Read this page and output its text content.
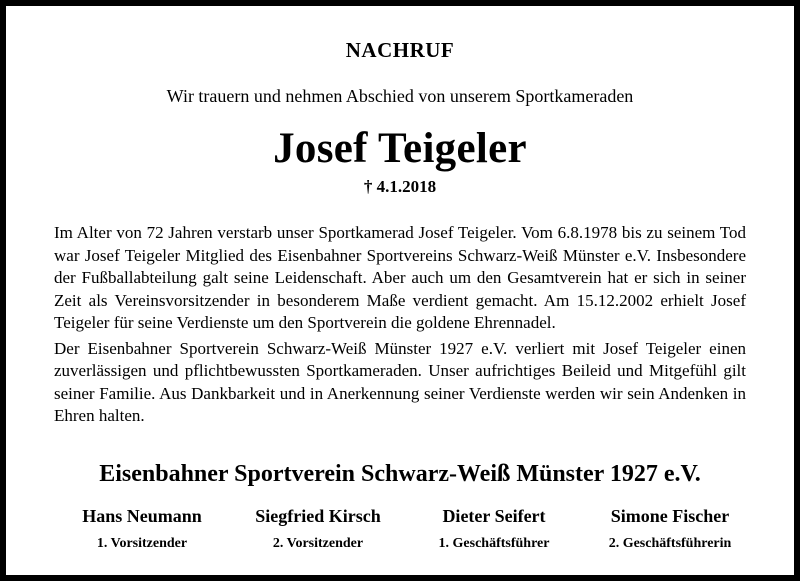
NACHRUF
Wir trauern und nehmen Abschied von unserem Sportkameraden
Josef Teigeler
† 4.1.2018

Im Alter von 72 Jahren verstarb unser Sportkamerad Josef Teigeler. Vom 6.8.1978 bis zu seinem Tod war Josef Teigeler Mitglied des Eisenbahner Sportvereins Schwarz-Weiß Münster e.V. Insbesondere der Fußballabteilung galt seine Leidenschaft. Aber auch um den Gesamtverein hat er sich in seiner Zeit als Vereinsvorsitzender in besonderem Maße verdient gemacht. Am 15.12.2002 erhielt Josef Teigeler für seine Verdienste um den Sportverein die goldene Ehrennadel.

Der Eisenbahner Sportverein Schwarz-Weiß Münster 1927 e.V. verliert mit Josef Teigeler einen zuverlässigen und pflichtbewussten Sportkameraden. Unser aufrichtiges Beileid und Mitgefühl gilt seiner Familie. Aus Dankbarkeit und in Anerkennung seiner Verdienste werden wir sein Andenken in Ehren halten.

Eisenbahner Sportverein Schwarz-Weiß Münster 1927 e.V.
Hans Neumann
1. Vorsitzender
Siegfried Kirsch
2. Vorsitzender
Dieter Seifert
1. Geschäftsführer
Simone Fischer
2. Geschäftsführerin
